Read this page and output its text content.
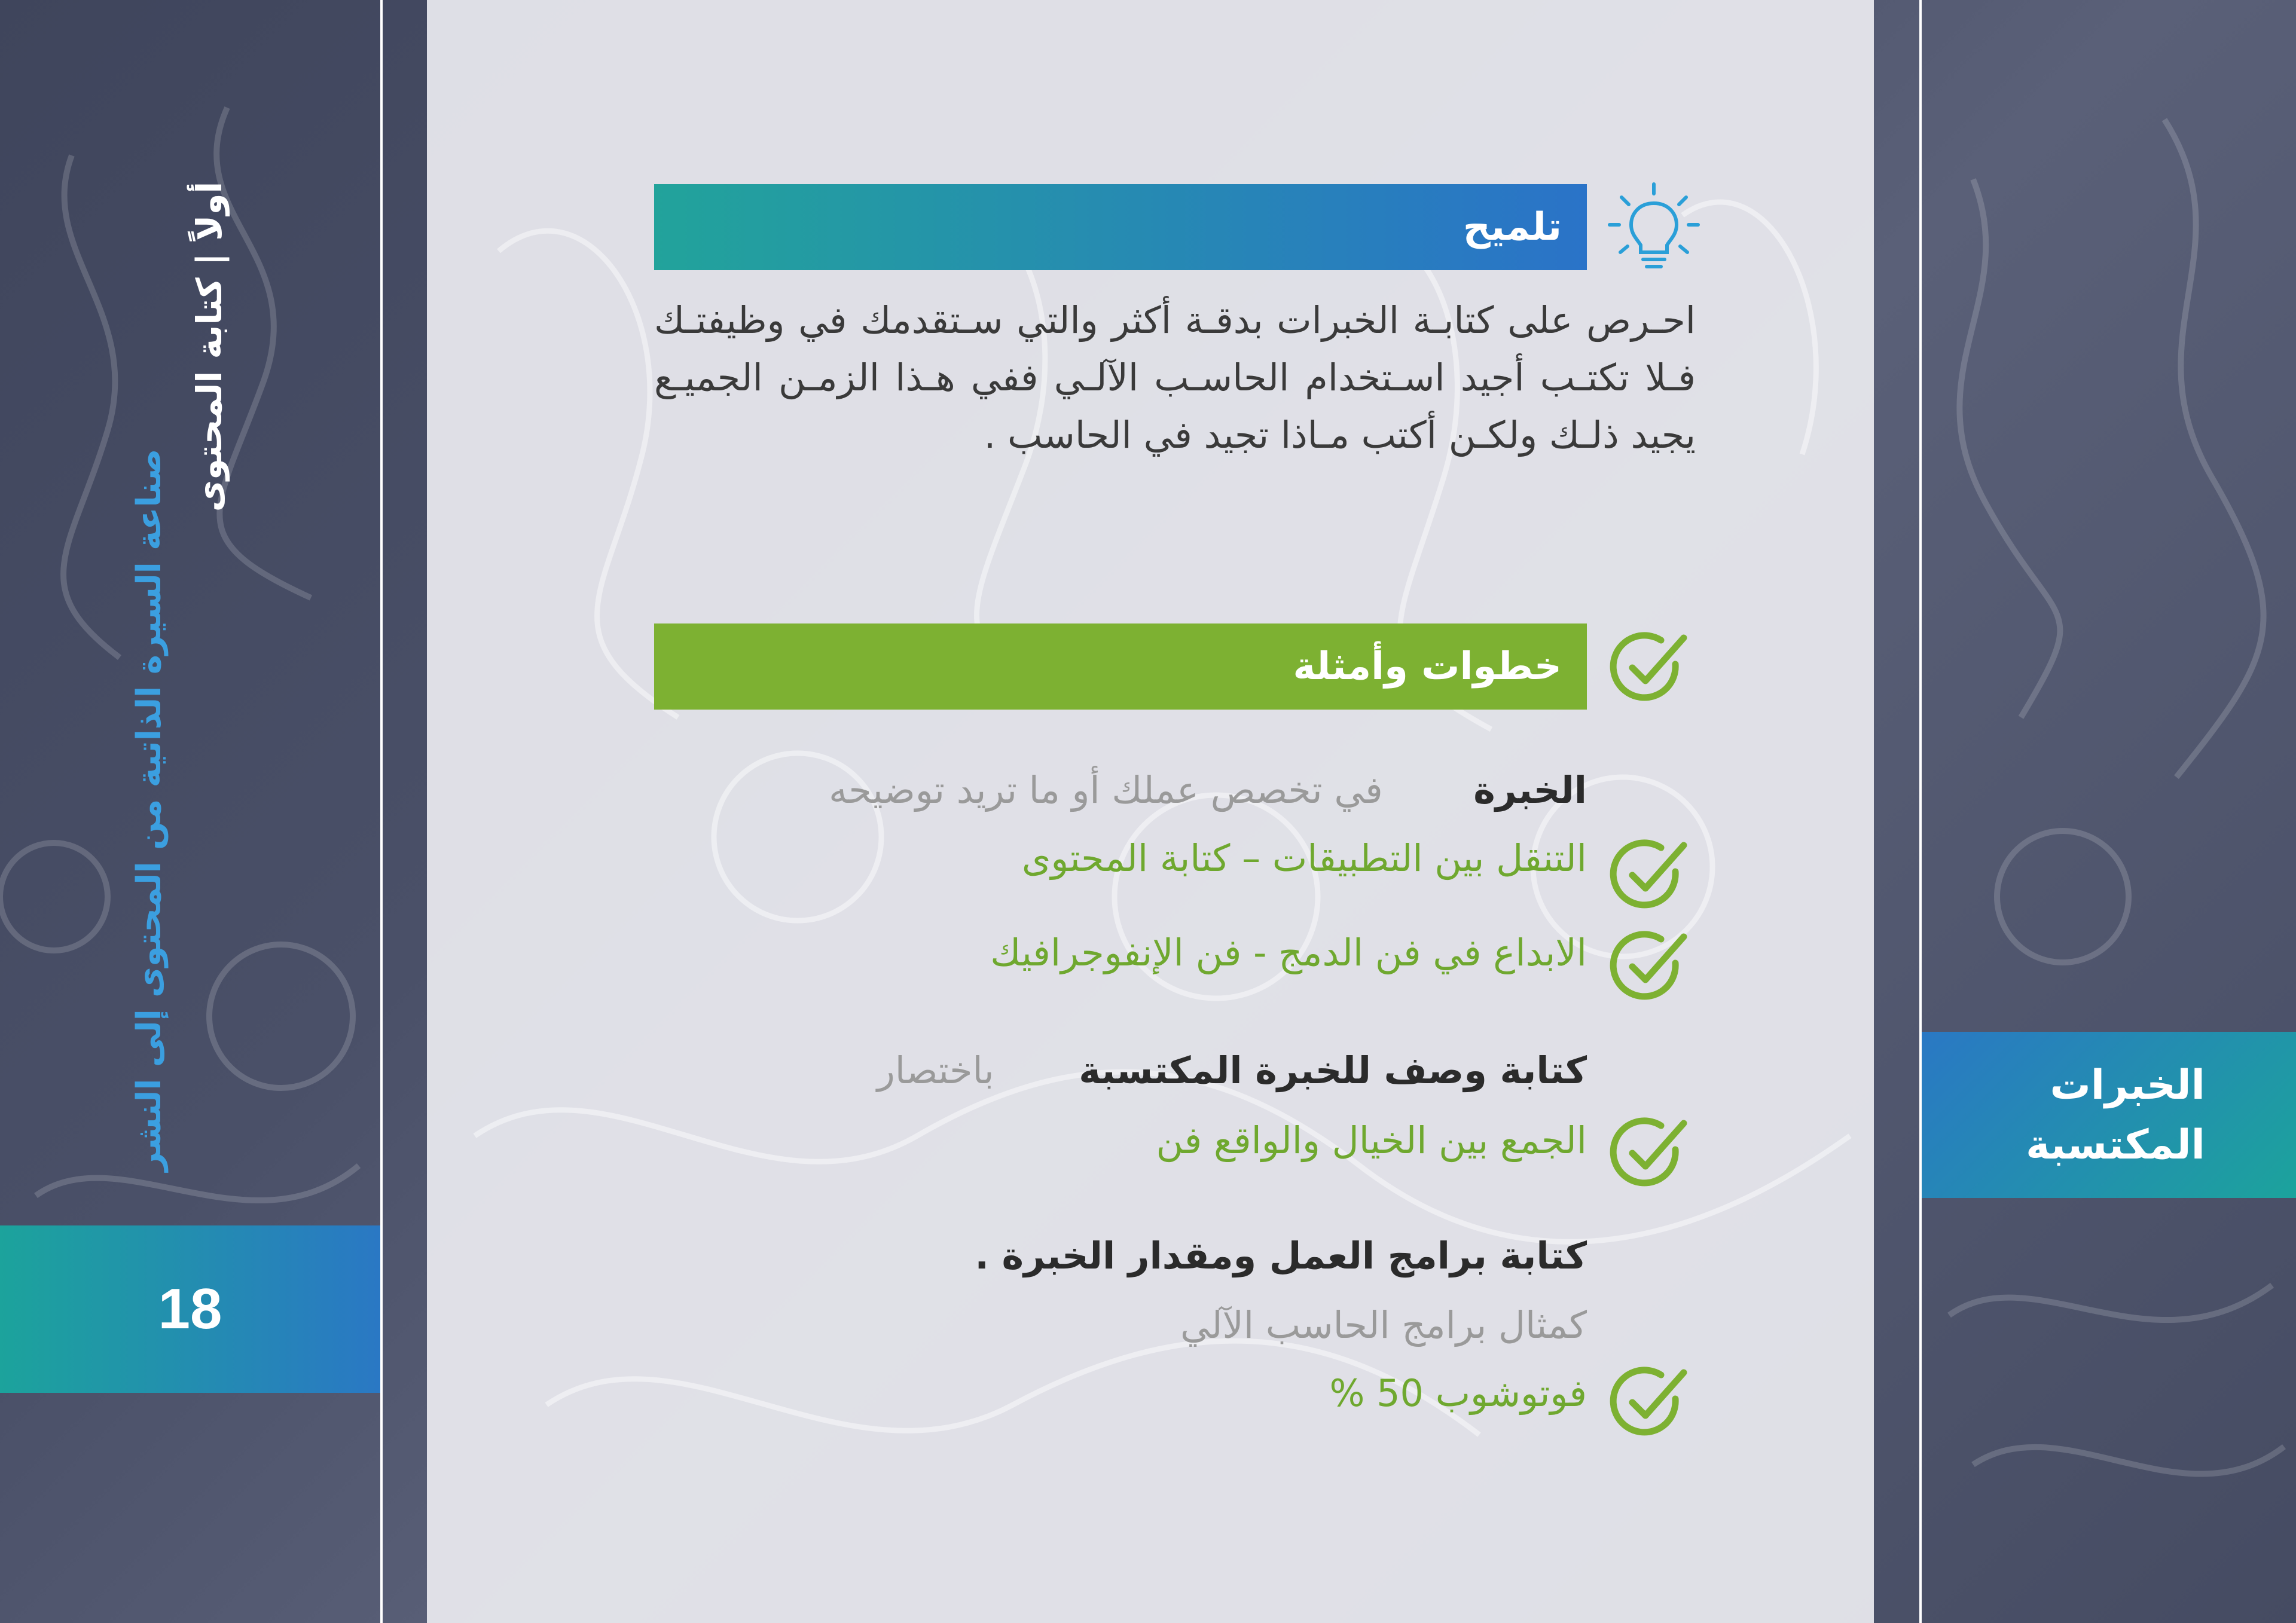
صناعة السيرة الذاتية من المحتوى إلى النشر
أولاً | كتابة المحتوى
18
الخبرات
المكتسبة
تلميح
احـرص على كتابـة الخبرات بدقـة أكثر والتي سـتقدمك في وظيفتـك فـلا تكتـب أجيد اسـتخدام الحاسـب الآلـي ففي هـذا الزمـن الجميـع يجيد ذلـك ولكـن أكتب مـاذا تجيد في الحاسب .
خطوات وأمثلة
الخبرة في تخصص عملك أو ما تريد توضيحه
التنقل بين التطبيقات – كتابة المحتوى
الابداع في فن الدمج - فن الإنفوجرافيك
كتابة وصف للخبرة المكتسبة باختصار
الجمع بين الخيال والواقع فن
كتابة برامج العمل ومقدار الخبرة .
كمثال برامج الحاسب الآلي
فوتوشوب 50 %
